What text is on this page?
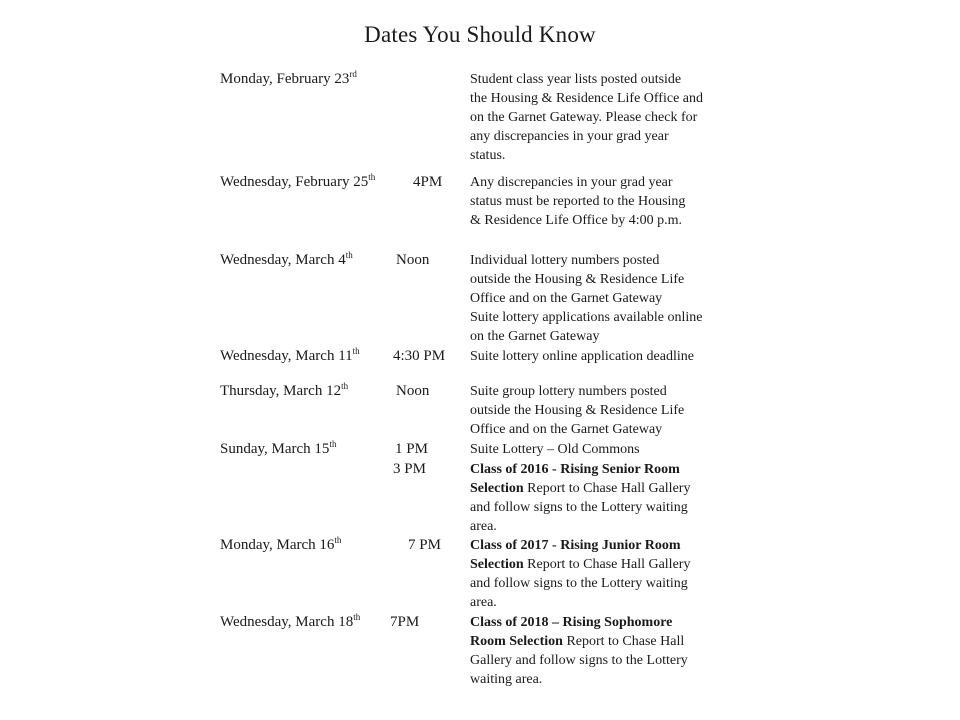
Dates You Should Know
Monday, February 23rd	Student class year lists posted outside
the Housing & Residence Life Office and
on the Garnet Gateway. Please check for
any discrepancies in your grad year
status.
Wednesday, February 25th	4PM Any discrepancies in your grad year
status must be reported to the Housing
& Residence Life Office by 4:00 p.m.
Wednesday, March 4th	Noon	Individual lottery numbers posted
outside the Housing & Residence Life
Office and on the Garnet Gateway
Suite lottery applications available online
on the Garnet Gateway
Wednesday, March 11th 4:30 PM Suite lottery online application deadline
Thursday, March 12th	Noon	Suite group lottery numbers posted
outside the Housing & Residence Life
Office and on the Garnet Gateway
Sunday, March 15th	1 PM	Suite Lottery – Old Commons
3 PM	Class of 2016 - Rising Senior Room
Selection Report to Chase Hall Gallery
and follow signs to the Lottery waiting
area.
Monday, March 16th	7 PM Class of 2017 - Rising Junior Room
Selection Report to Chase Hall Gallery
and follow signs to the Lottery waiting
area.
Wednesday, March 18th 7PM	Class of 2018 – Rising Sophomore
Room Selection Report to Chase Hall
Gallery and follow signs to the Lottery
waiting area.
